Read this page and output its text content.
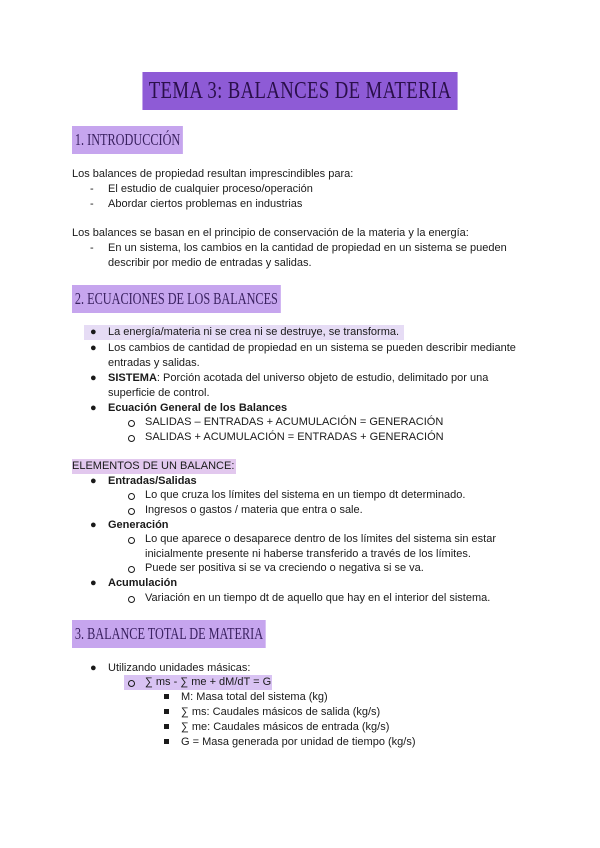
TEMA 3: BALANCES DE MATERIA
1. INTRODUCCIÓN
Los balances de propiedad resultan imprescindibles para:
- El estudio de cualquier proceso/operación
- Abordar ciertos problemas en industrias
Los balances se basan en el principio de conservación de la materia y la energía:
- En un sistema, los cambios en la cantidad de propiedad en un sistema se pueden
describir por medio de entradas y salidas.
2. ECUACIONES DE LOS BALANCES
● La energía/materia ni se crea ni se destruye, se transforma.
● Los cambios de cantidad de propiedad en un sistema se pueden describir mediante
entradas y salidas.
● SISTEMA: Porción acotada del universo objeto de estudio, delimitado por una
superficie de control.
● Ecuación General de los Balances
SALIDAS – ENTRADAS + ACUMULACIÓN = GENERACIÓN
SALIDAS + ACUMULACIÓN = ENTRADAS + GENERACIÓN
ELEMENTOS DE UN BALANCE:
● Entradas/Salidas
Lo que cruza los límites del sistema en un tiempo dt determinado.
Ingresos o gastos / materia que entra o sale.
● Generación
Lo que aparece o desaparece dentro de los límites del sistema sin estar
inicialmente presente ni haberse transferido a través de los límites.
Puede ser positiva si se va creciendo o negativa si se va.
● Acumulación
Variación en un tiempo dt de aquello que hay en el interior del sistema.
3. BALANCE TOTAL DE MATERIA
● Utilizando unidades másicas:
∑ ms - ∑ me + dM/dT = G
M: Masa total del sistema (kg)
∑ ms: Caudales másicos de salida (kg/s)
∑ me: Caudales másicos de entrada (kg/s)
G = Masa generada por unidad de tiempo (kg/s)
